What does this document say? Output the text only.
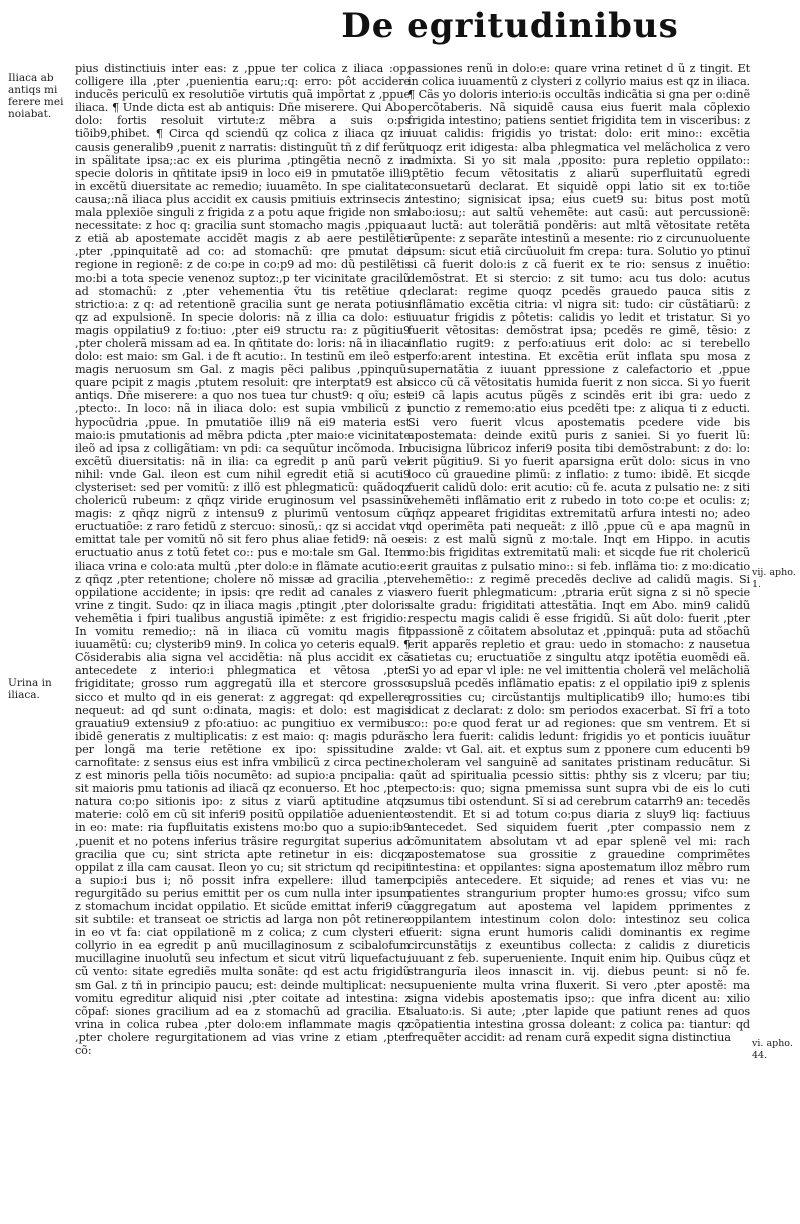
De egritudinibus
Iliaca ab antiqs mi ferere mei noiabat.
Urina in iliaca.
vij. apho. 1.
vi. apho. 44.

pius distinctiuis inter eas: z ,ppue ter colica z iliaca :op; colligere illa ,pter ,puenientia earu;:q: erro: pôt accidere inducẽs periculũ ex resolutiõe virtutis quã impõrtat z ,ppue iliaca. ¶ Unde dicta est ab antiquis: Dñe miserere. Qui Abo. dolo: fortis resoluit virtute:z mẽbra a suis o:ps tiõib9,phibet. ¶ Circa qd sciendũ qz colica z iliaca qz in causis generalib9 ,puenit z narratis: distinguũt tñ z dif ferũt in spãlitate ipsa;:ac ex eis plurima ,ptingẽtia necnõ z in specie doloris in qñtitate ipsi9 in loco ei9 in pmutatõe illi9 in excẽtũ diuersitate ac remedio; iuuamẽto. In spe cialitate causa;:nã iliaca plus accidit ex causis pmitiuis extrinsecis z mala pplexiõe singuli z frigida z a potu aque frigide non sm necessitate: z hoc q: gracilia sunt stomacho magis ,ppiqua: z etiã ab apostemate accidẽt magis z ab aere pestilẽtie ,pter ,ppinquitatẽ ad co: ad stomachũ: qre pmutat de regione in regionẽ: z de co:pe in co:p9 ad mo: dũ pestilẽtis mo:bi a tota specie venenoz suptoz:,p ter vicinitate gracilũ ad stomachũ: z ,pter vehementia ṽtu tis retẽtiue q: strictio:a: z q: ad retentionẽ gracilia sunt ge nerata potius qz ad expulsionẽ. In specie doloris: nã z illia ca dolo: est magis oppilatiu9 z fo:tiuo: ,pter ei9 structu ra: z pũgitiu9 ,pter cholerã missam ad ea. In qñtitate do: loris: nã in iliaca dolo: est maio: sm Gal. i de ft acutio:. In testinũ em ileõ est magis neruosum sm Gal. z magis pẽci palibus ,ppinquũ: quare pcipit z magis ,ptutem resoluit: qre interptat9 est ab antiqs. Dñe miserere: a quo nos tuea tur chust9: q oĩu; est ,ptecto:. In loco: nã in iliaca dolo: est supia vmbilicũ z i hypocũdria ,ppue. In pmutatiõe illi9 nã ei9 materia est maio:is pmutationis ad mẽbra pdicta ,pter maio:e vicinitate ileõ ad ipsa z colligãtiam: vn pdi: ca sequũtur incõmoda. In excẽtũ diuersitatis: nã in ilia: ca egredit p anũ parũ vel nihil: vnde Gal. ileon est cum nihil egredit etiã si acuti9 clysteriset: sed per vomitũ: z illõ est phlegmaticũ: quãdoqz cholericũ rubeum: z qñqz viride eruginosum vel psassinũ magis: z qñqz nigrũ z intensu9 z plurimũ ventosum cũ eructuatiõe: z raro fetidũ z stercuo: sinosũ,: qz si accidat vt emittat tale per vomitũ nõ sit fero phus aliae fetid9: nã oes eructuatio anus z totũ fetet co:: pus e mo:tale sm Gal. Item iliaca vrina e colo:ata multũ ,pter dolo:e in flãmate acutio:e: z qñqz ,pter retentione; cholere nõ missæ ad gracilia ,pter oppilatione accidente; in ipsis: qre redit ad canales z vias vrine z tingit. Sudo: qz in iliaca magis ,ptingit ,pter doloris vehemẽtia i fpiri tualibus angustiã ipimẽte: z est frigidio:. In vomitu remedio;: nã in iliaca cũ vomitu magis fit iuuamẽtũ: cu; clysterib9 min9. In colica yo ceteris equal9. ¶ Cõsiderabis alia signa vel accidẽtia: nã plus accidit ex cã antecedete z interio:i phlegmatica et vẽtosa ,pter frigiditate; grosso rum aggregatũ illa et stercore grosso sicco et multo qd in eis generat: z aggregat: qd expellere nequeut: ad qd sunt o:dinata, magis: et dolo: est magis grauatiu9 extensiu9 z pfo:atiuo: ac pungitiuo ex vermibus ibidẽ generatis z multiplicatis: z est maio: q: magis pdurãs per longã ma terie retẽtione ex ipo: spissitudine z carnofitate: z sensus eius est infra vmbilicũ z circa pectine: z est minoris pella tiõis nocumẽto: ad supio:a pncipalia: q: sit maioris pmu tationis ad iliacã qz econuerso. Et hoc ,pter natura co:po sitionis ipo: z situs z viarũ aptitudine atqz materie: colõ em cũ sit inferi9 positũ oppilatiõe adueniente in eo: mate: ria fupfluitatis existens mo:bo quo a supio:ib9 ,puenit et no potens inferius trãsire regurgitat superius ad gracilia que cu; sint stricta apte retinetur in eis: dicqz oppilat z illa cam causat. Ileon yo cu; sit strictum qd recipit a supio:i bus i; nõ possit infra expellere: illud tamen regurgitãdo su perius emittit per os cum nulla inter ipsum z stomachum incidat oppilatio. Et sicũde emittat inferi9 cũ sit subtile: et transeat oe strictis ad larga non pôt retinere in eo vt fa: ciat oppilationẽ m z colica; z cum clysteri et collyrio in ea egredit p anũ mucillaginosum z scibalofum mucillagine inuolutũ seu infectum et sicut vitrũ liquefactu; cũ vento: sitate egrediẽs multa sonãte: qd est actu frigidũ sm Gal. z tñ in principio paucu; est: deinde multiplicat: nec vomitu egreditur aliquid nisi ,pter coitate ad intestina: z cõpaf: siones gracilium ad ea z stomachũ ad gracilia. Et vrina in colica rubea ,pter dolo:em inflammate magis qz ,pter cholere regurgitationem ad vias vrine z etiam ,pter cõ:

passiones renũ in dolo:e: quare vrina retinet d ũ z tingit. Et in colica iuuamentũ z clysteri z collyrio maius est qz in iliaca. ¶ Cãs yo doloris interio:is occultãs indicãtia si gna per o:dinẽ percõtaberis. Nã siquidẽ causa eius fuerit mala cõplexio frigida intestino; patiens sentiet frigidita tem in visceribus: z iuuat calidis: frigidis yo tristat: dolo: erit mino:: excẽtia quoqz erit idigesta: alba phlegmatica vel melãcholica z vero admixta. Si yo sit mala ,pposito: pura repletio oppilato:: ,ptẽtio fecum vẽtositatis z aliarũ superfluitatũ egredi consuetarũ declarat. Et siquidẽ oppi latio sit ex to:tiõe intestino; signisicat ipsa; eius cuet9 su: bitus post motũ labo:iosu;: aut saltũ vehemẽte: aut casũ: aut percussionẽ: aut luctã: aut tolerãtiã pondẽris: aut mltã vẽtositate retẽta rũpente: z separãte intestinũ a mesente: rio z circunuoluente ipsum: sicut etiã circũuoluit fm crepa: tura. Solutio yo ptinuĩ si cã fuerit dolo:is z cã fuerit ex te rio: sensus z inuẽtio: demõstrat. Et si stercio: z sit tumo: acu tus dolo: acutus declarat: regime quoqz pcedẽs grauedo pauca sitis z inflãmatio excẽtia citria: vl nigra sit: tudo: cir cũstãtiarũ: z iuuatur frigidis z pôtetis: calidis yo ledit et tristatur. Si yo fuerit vẽtositas: demõstrat ipsa; pcedẽs re gimẽ, tẽsio: z inflatio rugit9: z perfo:atiuus erit dolo: ac si terebello perfo:arent intestina. Et excẽtia erũt inflata spu mosa z supernatãtia z iuuant ppressione z calefactorio et ,ppue sicco cũ cã vẽtositatis humida fuerit z non sicca. Si yo fuerit ei9 cã lapis acutus pũgẽs z scindẽs erit ibi gra: uedo z punctio z rememo:atio eius pcedẽti tpe: z aliqua ti z educti. Si vero fuerit vlcus apostematis pcedere vide bis apostemata: deinde exitũ puris z saniei. Si yo fuerit lũ: bucisigna lũbricoz inferi9 posita tibi demõstrabunt: z do: lo: erit pũgitiu9. Si yo fuerit aparsigna erũt dolo: sicus in vno loco cũ grauedine plimũ: z inflatio: z tumo: ibidẽ. Et sicqde fuerit calidũ dolo: erit acutio: cũ fe. acuta z pulsatio ne: z siti vehemẽti inflãmatio erit z rubedo in toto co:pe et oculis: z; qñqz appearet frigiditas extremitatũ arfura intesti no; adeo qd operimẽta pati nequeãt: z illõ ,ppue cũ e apa magnũ in eis: z est malũ signũ z mo:tale. Inqt em Hippo. in acutis mo:bis frigiditas extremitatũ mali: et sicqde fue rit cholericũ erit grauitas z pulsatio mino:: si feb. inflãma tio: z mo:dicatio vehemẽtio:: z regimẽ precedẽs declive ad calidũ magis. Si vero fuerit phlegmaticum: ,ptraria erũt signa z si nõ specie salte gradu: frigiditati attestãtia. Inqt em Abo. min9 calidũ respectu magis calidi ẽ esse frigidũ. Si aũt dolo: fuerit ,pter ppassionẽ z cõitatem absolutaz et ,ppinquã: puta ad stõachũ erit apparẽs repletio et grau: uedo in stomacho: z nausetua satietas cu; eructuatiõe z singultu atqz ipotẽtia euomẽdi eã. Si yo ad epar vl iple: ne vel imittentia cholerã vel melãcholiã supsluã pcedẽs inflãmatio epatis: z el oppilatio ipi9 z splenis grossities cu; circũstantijs multiplicatib9 illo; humo:es tibi idicat z declarat: z dolo: sm periodos exacerbat. Sĩ frĩ a toto co:: po:e quod ferat ur ad regiones: que sm ventrem. Et si cho lera fuerit: calidis ledunt: frigidis yo et ponticis iuuãtur valde: vt Gal. ait. et exptus sum z pponere cum educenti b9 choleram vel sanguinẽ ad sanitates pristinam reducãtur. Si aũt ad spiritualia pcessio sittis: phthy sis z vlceru; par tiu; pecto:is: quo; signa pmemissa sunt supra vbi de eis lo cuti sumus tibi ostendunt. Sĩ si ad cerebrum catarrh9 an: tecedẽs ostendit. Et si ad totum co:pus diaria z sluy9 liq: factiuus antecedet. Sed siquidem fuerit ,pter compassio nem z cõmunitatem absolutam vt ad epar splenẽ vel mi: rach apostematose sua grossitie z grauedine comprimẽtes intestina: et oppilantes: signa apostematum illoz mẽbro rum pcipiẽs antecedere. Et siquide; ad renes et vias vu: ne patientes strangurium propter humo:es grossu; vifco sum aggregatum aut apostema vel lapidem pprimentes z oppilantem intestinum colon dolo: intestinoz seu colica fuerit: signa erunt humoris calidi dominantis ex regime circunstãtijs z exeuntibus collecta: z calidis z diureticis iuuant z feb. superueniente. Inquit enim hip. Quibus cũqz et strangurĩa ileos innascit in. vij. diebus peunt: si nõ fe. supueniente multa vrina fluxerit. Si vero ,pter apostẽ: ma signa videbis apostematis ipso;: que infra dicent au: xilio saluato:is. Si aute; ,pter lapide que patiunt renes ad quos cõpatientia intestina grossa doleant: z colica pa: tiantur: qd frequẽter accidit: ad renam curã expedit signa distinctiua
